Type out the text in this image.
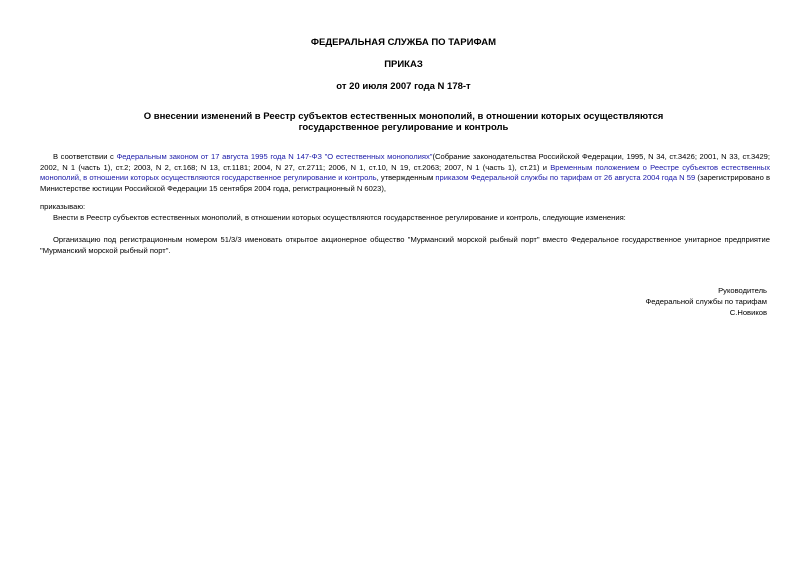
ФЕДЕРАЛЬНАЯ СЛУЖБА ПО ТАРИФАМ
ПРИКАЗ
от 20 июля 2007 года N 178-т
О внесении изменений в Реестр субъектов естественных монополий, в отношении которых осуществляются
государственное регулирование и контроль
В соответствии с Федеральным законом от 17 августа 1995 года N 147-ФЗ "О естественных монополиях"(Собрание законодательства Российской Федерации, 1995, N 34, ст.3426; 2001, N 33, ст.3429; 2002, N 1 (часть 1), ст.2; 2003, N 2, ст.168; N 13, ст.1181; 2004, N 27, ст.2711; 2006, N 1, ст.10, N 19, ст.2063; 2007, N 1 (часть 1), ст.21) и Временным положением о Реестре субъектов естественных монополий, в отношении которых осуществляются государственное регулирование и контроль, утвержденным приказом Федеральной службы по тарифам от 26 августа 2004 года N 59 (зарегистрировано в Министерстве юстиции Российской Федерации 15 сентября 2004 года, регистрационный N 6023),
приказываю:
Внести в Реестр субъектов естественных монополий, в отношении которых осуществляются государственное регулирование и контроль, следующие изменения:
Организацию под регистрационным номером 51/3/3 именовать открытое акционерное общество "Мурманский морской рыбный порт" вместо Федеральное государственное унитарное предприятие "Мурманский морской рыбный порт".
Руководитель
Федеральной службы по тарифам
С.Новиков
